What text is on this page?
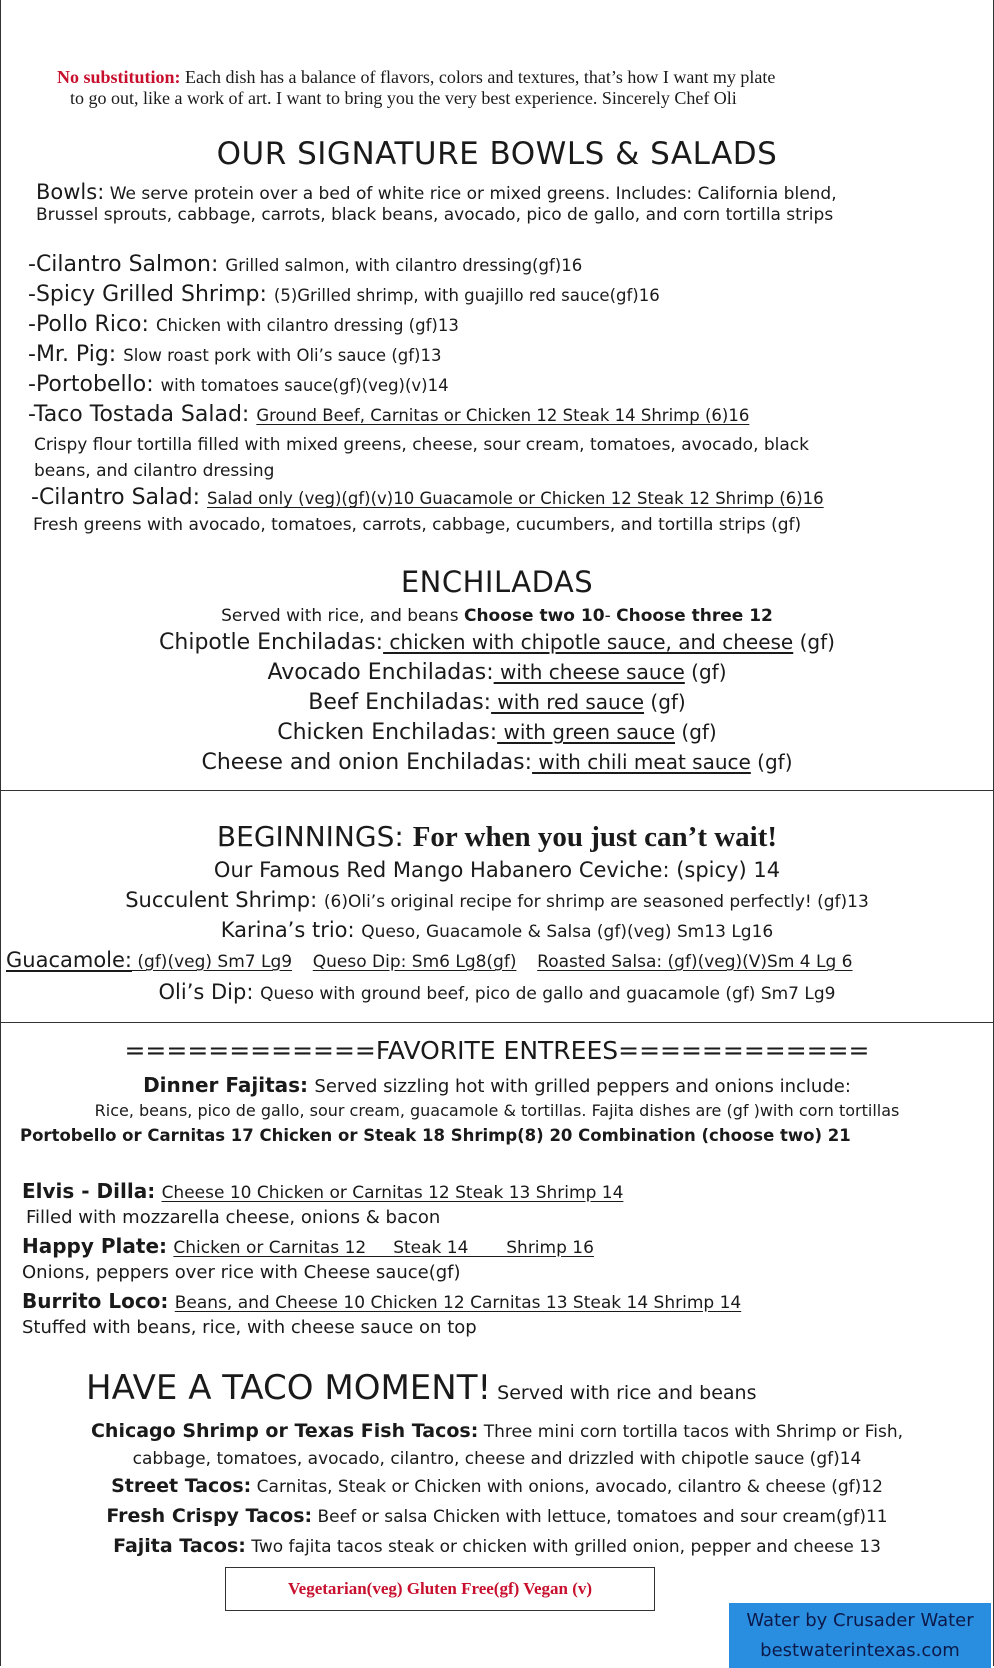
No substitution: Each dish has a balance of flavors, colors and textures, that’s how I want my plate
to go out, like a work of art. I want to bring you the very best experience. Sincerely Chef Oli
OUR SIGNATURE BOWLS & SALADS
Bowls: We serve protein over a bed of white rice or mixed greens. Includes: California blend,
Brussel sprouts, cabbage, carrots, black beans, avocado, pico de gallo, and corn tortilla strips
-Cilantro Salmon: Grilled salmon, with cilantro dressing(gf)16
-Spicy Grilled Shrimp: (5)Grilled shrimp, with guajillo red sauce(gf)16
-Pollo Rico: Chicken with cilantro dressing (gf)13
-Mr. Pig: Slow roast pork with Oli’s sauce (gf)13
-Portobello: with tomatoes sauce(gf)(veg)(v)14
-Taco Tostada Salad: Ground Beef, Carnitas or Chicken 12 Steak 14 Shrimp (6)16
Crispy flour tortilla filled with mixed greens, cheese, sour cream, tomatoes, avocado, black
beans, and cilantro dressing
-Cilantro Salad: Salad only (veg)(gf)(v)10 Guacamole or Chicken 12 Steak 12 Shrimp (6)16
Fresh greens with avocado, tomatoes, carrots, cabbage, cucumbers, and tortilla strips (gf)
ENCHILADAS
Served with rice, and beans Choose two 10- Choose three 12
Chipotle Enchiladas: chicken with chipotle sauce, and cheese (gf)
Avocado Enchiladas: with cheese sauce (gf)
Beef Enchiladas: with red sauce (gf)
Chicken Enchiladas: with green sauce (gf)
Cheese and onion Enchiladas: with chili meat sauce (gf)
BEGINNINGS: For when you just can’t wait!
Our Famous Red Mango Habanero Ceviche: (spicy) 14
Succulent Shrimp: (6)Oli’s original recipe for shrimp are seasoned perfectly! (gf)13
Karina’s trio: Queso, Guacamole & Salsa (gf)(veg) Sm13 Lg16
Guacamole: (gf)(veg) Sm7 Lg9 Queso Dip: Sm6 Lg8(gf) Roasted Salsa: (gf)(veg)(V)Sm 4 Lg 6
Oli’s Dip: Queso with ground beef, pico de gallo and guacamole (gf) Sm7 Lg9
============FAVORITE ENTREES============
Dinner Fajitas: Served sizzling hot with grilled peppers and onions include:
Rice, beans, pico de gallo, sour cream, guacamole & tortillas. Fajita dishes are (gf )with corn tortillas
Portobello or Carnitas 17 Chicken or Steak 18 Shrimp(8) 20 Combination (choose two) 21
Elvis - Dilla: Cheese 10 Chicken or Carnitas 12 Steak 13 Shrimp 14
Filled with mozzarella cheese, onions & bacon
Happy Plate: Chicken or Carnitas 12     Steak 14       Shrimp 16
Onions, peppers over rice with Cheese sauce(gf)
Burrito Loco: Beans, and Cheese 10 Chicken 12 Carnitas 13 Steak 14 Shrimp 14
Stuffed with beans, rice, with cheese sauce on top
HAVE A TACO MOMENT! Served with rice and beans
Chicago Shrimp or Texas Fish Tacos: Three mini corn tortilla tacos with Shrimp or Fish,
cabbage, tomatoes, avocado, cilantro, cheese and drizzled with chipotle sauce (gf)14
Street Tacos: Carnitas, Steak or Chicken with onions, avocado, cilantro & cheese (gf)12
Fresh Crispy Tacos: Beef or salsa Chicken with lettuce, tomatoes and sour cream(gf)11
Fajita Tacos: Two fajita tacos steak or chicken with grilled onion, pepper and cheese 13
Vegetarian(veg) Gluten Free(gf) Vegan (v)
Water by Crusader Water
bestwaterintexas.com
